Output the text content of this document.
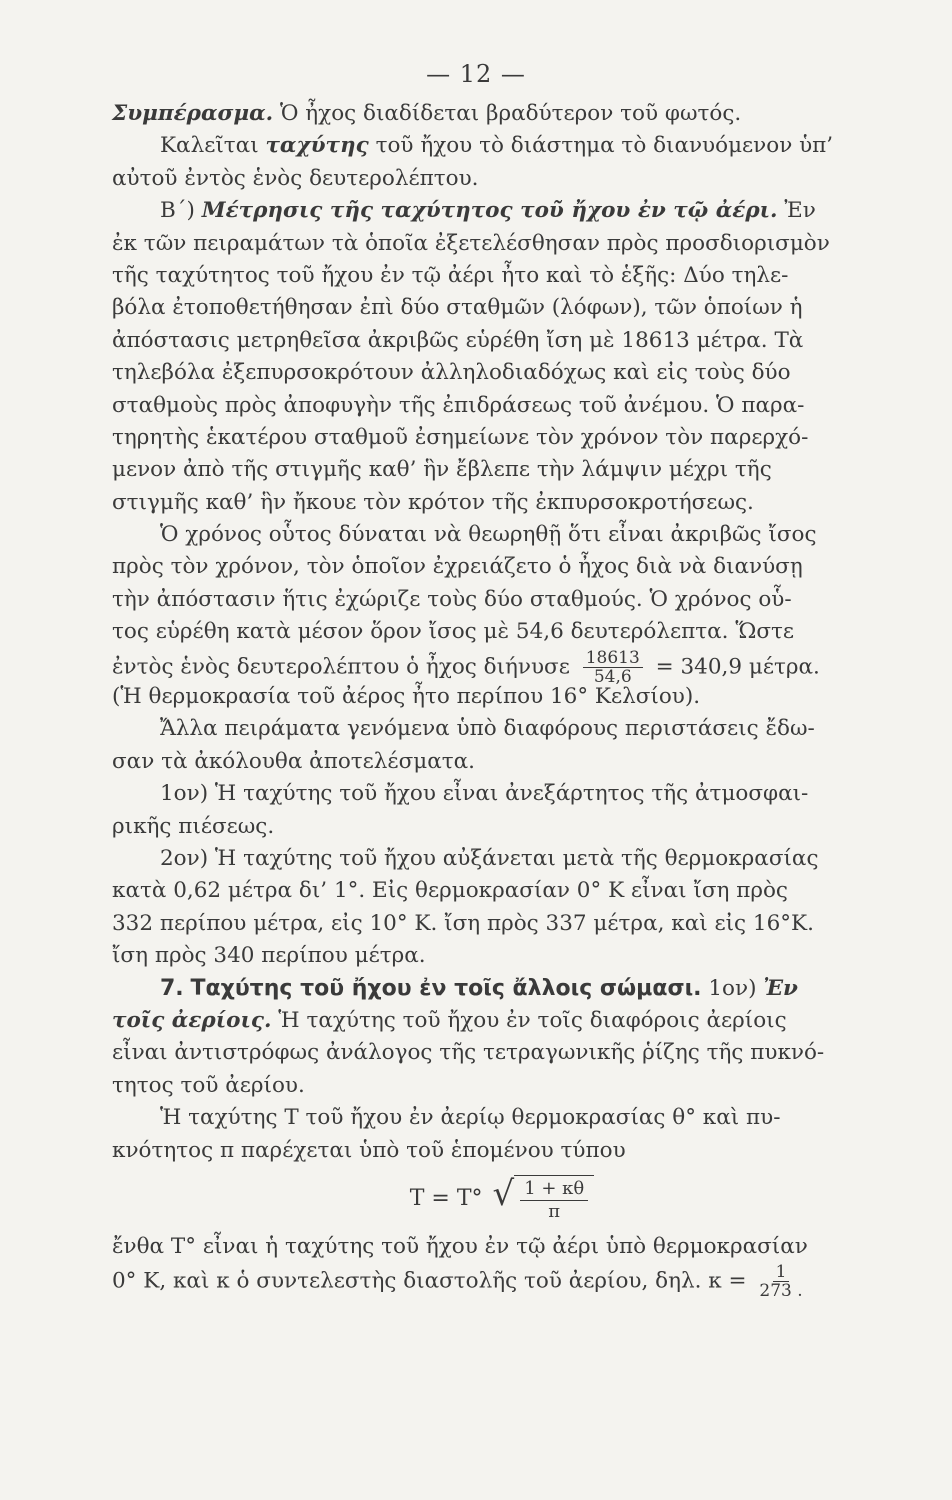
— 12 —
Συμπέρασμα. Ὁ ἦχος διαδίδεται βραδύτερον τοῦ φωτός.
Καλεῖται ταχύτης τοῦ ἤχου τὸ διάστημα τὸ διανυόμενον ὑπ’
αὐτοῦ ἐντὸς ἑνὸς δευτερολέπτου.
Β΄) Μέτρησις τῆς ταχύτητος τοῦ ἤχου ἐν τῷ ἀέρι. Ἐν
ἐκ τῶν πειραμάτων τὰ ὁποῖα ἐξετελέσθησαν πρὸς προσδιορισμὸν
τῆς ταχύτητος τοῦ ἤχου ἐν τῷ ἀέρι ἦτο καὶ τὸ ἑξῆς: Δύο τηλε-
βόλα ἐτοποθετήθησαν ἐπὶ δύο σταθμῶν (λόφων), τῶν ὁποίων ἡ
ἀπόστασις μετρηθεῖσα ἀκριβῶς εὑρέθη ἴση μὲ 18613 μέτρα. Τὰ
τηλεβόλα ἐξεπυρσοκρότουν ἀλληλοδιαδόχως καὶ εἰς τοὺς δύο
σταθμοὺς πρὸς ἀποφυγὴν τῆς ἐπιδράσεως τοῦ ἀνέμου. Ὁ παρα-
τηρητὴς ἑκατέρου σταθμοῦ ἐσημείωνε τὸν χρόνον τὸν παρερχό-
μενον ἀπὸ τῆς στιγμῆς καθ’ ἣν ἔβλεπε τὴν λάμψιν μέχρι τῆς
στιγμῆς καθ’ ἣν ἤκουε τὸν κρότον τῆς ἐκπυρσοκροτήσεως.
Ὁ χρόνος οὗτος δύναται νὰ θεωρηθῇ ὅτι εἶναι ἀκριβῶς ἴσος
πρὸς τὸν χρόνον, τὸν ὁποῖον ἐχρειάζετο ὁ ἦχος διὰ νὰ διανύσῃ
τὴν ἀπόστασιν ἥτις ἐχώριζε τοὺς δύο σταθμούς. Ὁ χρόνος οὗ-
τος εὑρέθη κατὰ μέσον ὅρον ἴσος μὲ 54,6 δευτερόλεπτα. Ὥστε
ἐντὸς ἑνὸς δευτερολέπτου ὁ ἦχος διήνυσε $\frac{18613}{54,6} = 340,9$ μέτρα.
(Ἡ θερμοκρασία τοῦ ἀέρος ἦτο περίπου 16° Κελσίου).
Ἄλλα πειράματα γενόμενα ὑπὸ διαφόρους περιστάσεις ἔδω-
σαν τὰ ἀκόλουθα ἀποτελέσματα.
1ον) Ἡ ταχύτης τοῦ ἤχου εἶναι ἀνεξάρτητος τῆς ἀτμοσφαι-
ρικῆς πιέσεως.
2ον) Ἡ ταχύτης τοῦ ἤχου αὐξάνεται μετὰ τῆς θερμοκρασίας
κατὰ 0,62 μέτρα δι’ 1°. Εἰς θερμοκρασίαν 0° Κ εἶναι ἴση πρὸς
332 περίπου μέτρα, εἰς 10° Κ. ἴση πρὸς 337 μέτρα, καὶ εἰς 16°Κ.
ἴση πρὸς 340 περίπου μέτρα.
7. Ταχύτης τοῦ ἤχου ἐν τοῖς ἄλλοις σώμασι. 1ον) Ἐν
τοῖς ἀερίοις. Ἡ ταχύτης τοῦ ἤχου ἐν τοῖς διαφόροις ἀερίοις
εἶναι ἀντιστρόφως ἀνάλογος τῆς τετραγωνικῆς ῥίζης τῆς πυκνό-
τητος τοῦ ἀερίου.
Ἡ ταχύτης Τ τοῦ ἤχου ἐν ἀερίῳ θερμοκρασίας θ° καὶ πυ-
κνότητος π παρέχεται ὑπὸ τοῦ ἑπομένου τύπου
Τ = Τ° √ $\frac{1 + \kappa\theta}{\pi}$
ἔνθα Τ° εἶναι ἡ ταχύτης τοῦ ἤχου ἐν τῷ ἀέρι ὑπὸ θερμοκρασίαν
0° Κ, καὶ κ ὁ συντελεστὴς διαστολῆς τοῦ ἀερίου, δηλ. $\kappa = \frac{1}{273 .}$
